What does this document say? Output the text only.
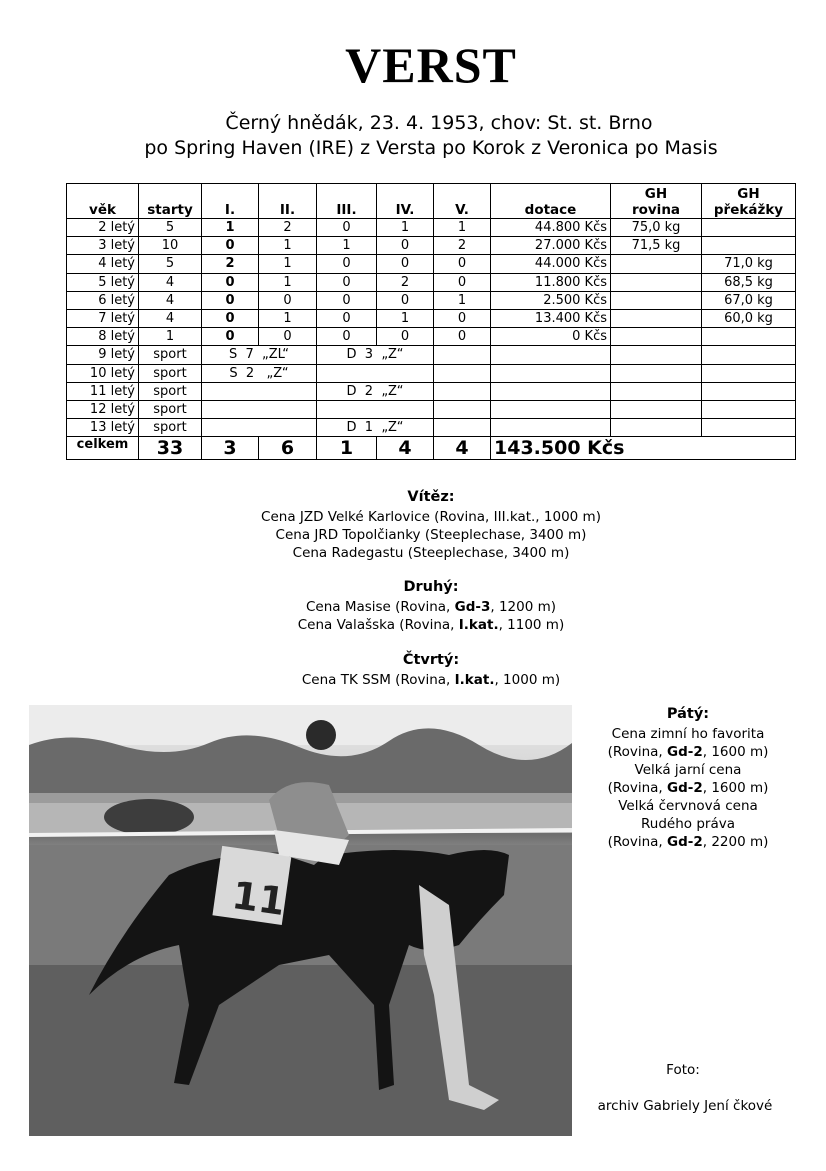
VERST
Černý hnědák, 23. 4. 1953, chov: St. st. Brno
po Spring Haven (IRE) z Versta po Korok z Veronica po Masis
věk	starty	I.	II.	III.	IV.	V.	dotace	GH rovina	GH překážky
2 letý	5	1	2	0	1	1	44.800 Kčs	75,0 kg	
3 letý	10	0	1	1	0	2	27.000 Kčs	71,5 kg	
4 letý	5	2	1	0	0	0	44.000 Kčs		71,0 kg
5 letý	4	0	1	0	2	0	11.800 Kčs		68,5 kg
6 letý	4	0	0	0	0	1	2.500 Kčs		67,0 kg
7 letý	4	0	1	0	1	0	13.400 Kčs		60,0 kg
8 letý	1	0	0	0	0	0	0 Kčs		
9 letý	sport	S  7  „ZL“		D  3  „Z“					
10 letý	sport	S  2   „Z“							
11 letý	sport			D  2  „Z“					
12 letý	sport								
13 letý	sport			D  1  „Z“					
celkem	33	3	6	1	4	4	143.500 Kčs		
Vítěz:
Cena JZD Velké Karlovice (Rovina, III.kat., 1000 m)
Cena JRD Topolčianky (Steeplechase, 3400 m)
Cena Radegastu (Steeplechase, 3400 m)
Druhý:
Cena Masise (Rovina, Gd-3, 1200 m)
Cena Valašska (Rovina, I.kat., 1100 m)
Čtvrtý:
Cena TK SSM (Rovina, I.kat., 1000 m)
11
Pátý:
Cena zimní ho favorita
(Rovina, Gd-2, 1600 m)
Velká jarní cena
(Rovina, Gd-2, 1600 m)
Velká červnová cena
Rudého práva
(Rovina, Gd-2, 2200 m)
Foto:
archiv Gabriely Jení čkové
